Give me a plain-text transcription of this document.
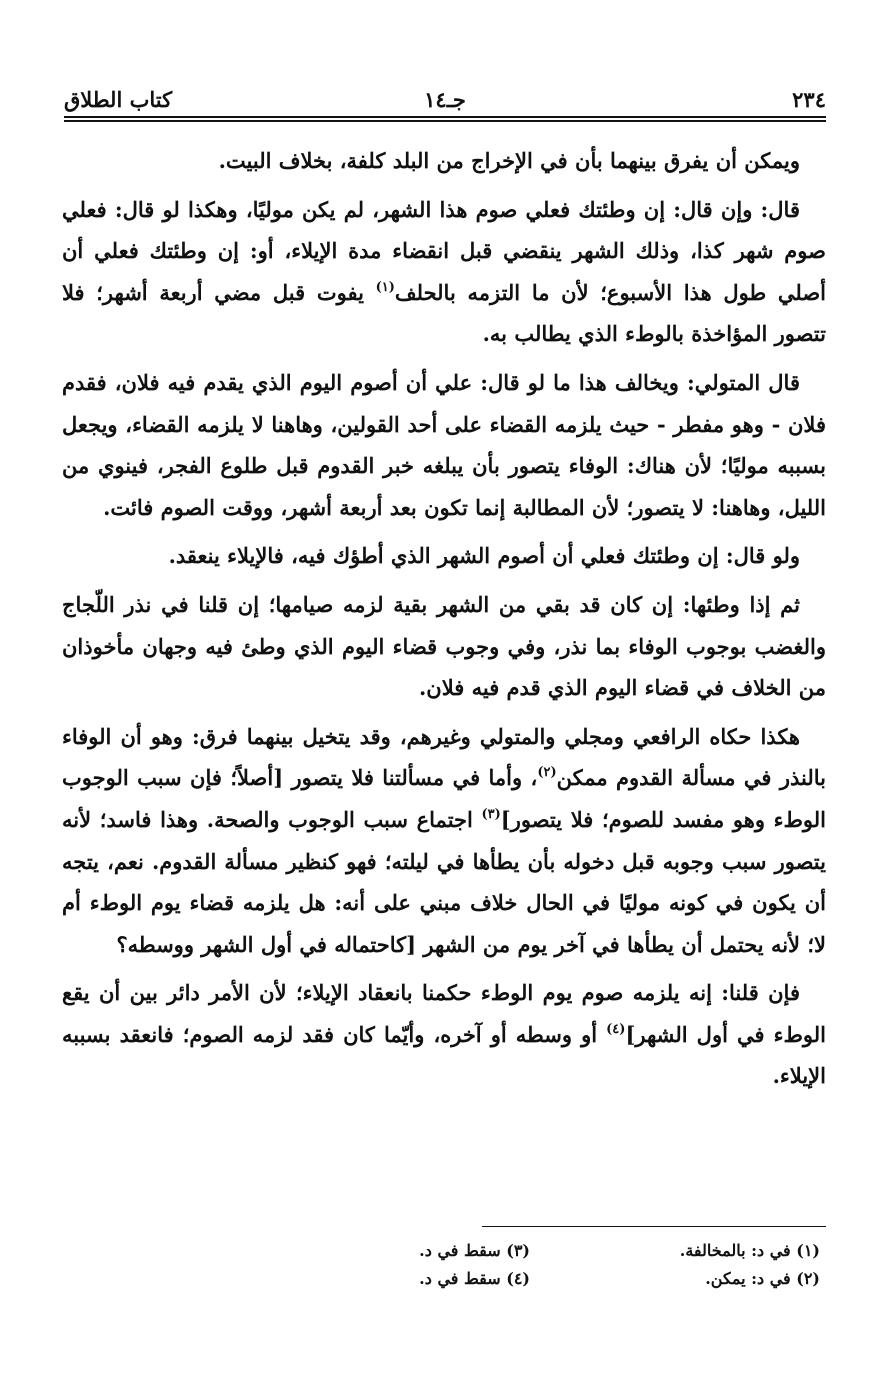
٢٣٤
جـ١٤
كتاب الطلاق

ويمكن أن يفرق بينهما بأن في الإخراج من البلد كلفة، بخلاف البيت.

قال: وإن قال: إن وطئتك فعلي صوم هذا الشهر، لم يكن موليًا، وهكذا لو قال: فعلي صوم شهر كذا، وذلك الشهر ينقضي قبل انقضاء مدة الإيلاء، أو: إن وطئتك فعلي أن أصلي طول هذا الأسبوع؛ لأن ما التزمه بالحلف$^{(١)}$ يفوت قبل مضي أربعة أشهر؛ فلا تتصور المؤاخذة بالوطء الذي يطالب به.

قال المتولي: ويخالف هذا ما لو قال: علي أن أصوم اليوم الذي يقدم فيه فلان، فقدم فلان - وهو مفطر - حيث يلزمه القضاء على أحد القولين، وهاهنا لا يلزمه القضاء، ويجعل بسببه موليًا؛ لأن هناك: الوفاء يتصور بأن يبلغه خبر القدوم قبل طلوع الفجر، فينوي من الليل، وهاهنا: لا يتصور؛ لأن المطالبة إنما تكون بعد أربعة أشهر، ووقت الصوم فائت.

ولو قال: إن وطئتك فعلي أن أصوم الشهر الذي أطؤك فيه، فالإيلاء ينعقد.

ثم إذا وطئها: إن كان قد بقي من الشهر بقية لزمه صيامها؛ إن قلنا في نذر اللّجاج والغضب بوجوب الوفاء بما نذر، وفي وجوب قضاء اليوم الذي وطئ فيه وجهان مأخوذان من الخلاف في قضاء اليوم الذي قدم فيه فلان.

هكذا حكاه الرافعي ومجلي والمتولي وغيرهم، وقد يتخيل بينهما فرق: وهو أن الوفاء بالنذر في مسألة القدوم ممكن$^{(٢)}$، وأما في مسألتنا فلا يتصور [أصلاً؛ فإن سبب الوجوب الوطء وهو مفسد للصوم؛ فلا يتصور]$^{(٣)}$ اجتماع سبب الوجوب والصحة. وهذا فاسد؛ لأنه يتصور سبب وجوبه قبل دخوله بأن يطأها في ليلته؛ فهو كنظير مسألة القدوم. نعم، يتجه أن يكون في كونه موليًا في الحال خلاف مبني على أنه: هل يلزمه قضاء يوم الوطء أم لا؛ لأنه يحتمل أن يطأها في آخر يوم من الشهر [كاحتماله في أول الشهر ووسطه؟

فإن قلنا: إنه يلزمه صوم يوم الوطء حكمنا بانعقاد الإيلاء؛ لأن الأمر دائر بين أن يقع الوطء في أول الشهر]$^{(٤)}$ أو وسطه أو آخره، وأيّما كان فقد لزمه الصوم؛ فانعقد بسببه الإيلاء.

(١) في د: بالمخالفة.
(٣) سقط في د.
(٢) في د: يمكن.
(٤) سقط في د.
